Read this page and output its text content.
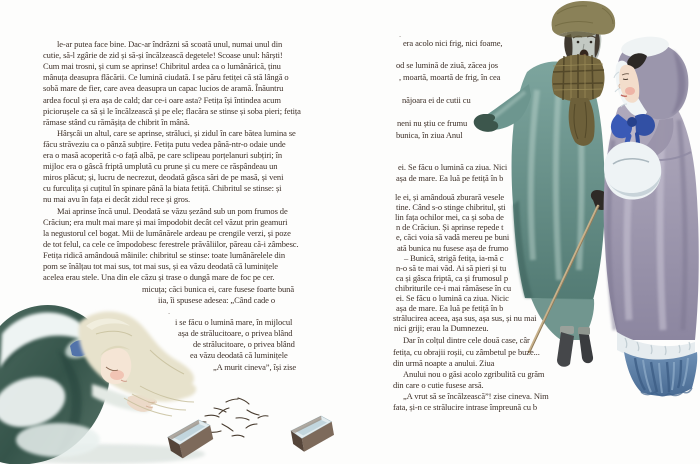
le-ar putea face bine. Dac-ar îndrăzni să scoată unul, numai unul din
cutie, să-l zgârie de zid și să-și încălzească degetele! Scoase unul: hârști!
Cum mai trosni, și cum se aprinse! Chibritul ardea ca o lumânărică, ținu
mânuța deasupra flăcării. Ce lumină ciudată. I se păru fetiței că stă lângă o
sobă mare de fier, care avea deasupra un capac lucios de aramă. Înăuntru
ardea focul și era așa de cald; dar ce-i oare asta? Fetița își întindea acum
piciorușele ca să și le încălzească și pe ele; flacăra se stinse și soba pieri; fetița
rămase stând cu rămășița de chibrit în mână.
Hârșcâi un altul, care se aprinse, străluci, și zidul în care bătea lumina se
făcu străveziu ca o pânză subțire. Fetița putu vedea până-ntr-o odaie unde
era o masă acoperită c-o față albă, pe care sclipeau porțelanuri subțiri; în
mijloc era o gâscă friptă umplută cu prune și cu mere ce răspândeau un
miros plăcut; și, lucru de necrezut, deodată gâsca sări de pe masă, și veni
cu furculița și cuțitul în spinare până la biata fetiță. Chibritul se stinse: și
nu mai avu în fața ei decât zidul rece și gros.
Mai aprinse încă unul. Deodată se văzu șezând sub un pom frumos de
Crăciun; era mult mai mare și mai împodobit decât cel văzut prin geamuri
la negustorul cel bogat. Mii de lumânărele ardeau pe crengile verzi, și poze
de tot felul, ca cele ce împodobesc ferestrele prăvăliilor, păreau că-i zâmbesc.
Fetița ridică amândouă mâinile: chibritul se stinse: toate lumânărelele din
pom se înălțau tot mai sus, tot mai sus, și ea văzu deodată că luminițele
acelea erau stele. Una din ele căzu și trase o dungă mare de foc pe cer.
micuța; căci bunica ei, care fusese foarte bună
iia, îi spusese adesea: „Când cade o
.
i se făcu o lumină mare, în mijlocul
așa de strălucitoare, o privea blând
de strălucitoare, o privea blând
ea văzu deodată că luminițele
„A murit cineva”, își zise
.
era acolo nici frig, nici foame,
od se lumină de ziuă, zăcea jos
, moartă, moartă de frig, în cea
năjoara ei de cutii cu
neni nu știu ce frumu
bunica, în ziua Anul
ei. Se făcu o lumină ca ziua. Nici
așa de mare. Ea luă pe fetiță în b
le ei, și amândouă zburară vesele
tine. Când s-o stinge chibritul, ști
lin fața ochilor mei, ca și soba de
n de Crăciun. Și aprinse repede t
e, căci voia să vadă mereu pe buni
ată bunica nu fusese așa de frumo
– Bunică, strigă fetița, ia-mă c
n-o să te mai văd. Ai să pieri și tu
ca și gâsca friptă, ca și frumosul p
chibriturile ce-i mai rămăsese în cu
ei. Se făcu o lumină ca ziua. Nicic
așa de mare. Ea luă pe fetiță în b
strălucirea aceea, așa sus, așa sus, și nu mai
nici griji; erau la Dumnezeu.
Dar în colțul dintre cele două case, câr
fetița, cu obrajii roșii, cu zâmbetul pe buze...
din urmă noapte a anului. Ziua
Anului nou o găsi acolo zgribulită cu grăm
din care o cutie fusese arsă.
„A vrut să se încălzească”! zise cineva. Nim
fata, și-n ce strălucire intrase împreună cu b
